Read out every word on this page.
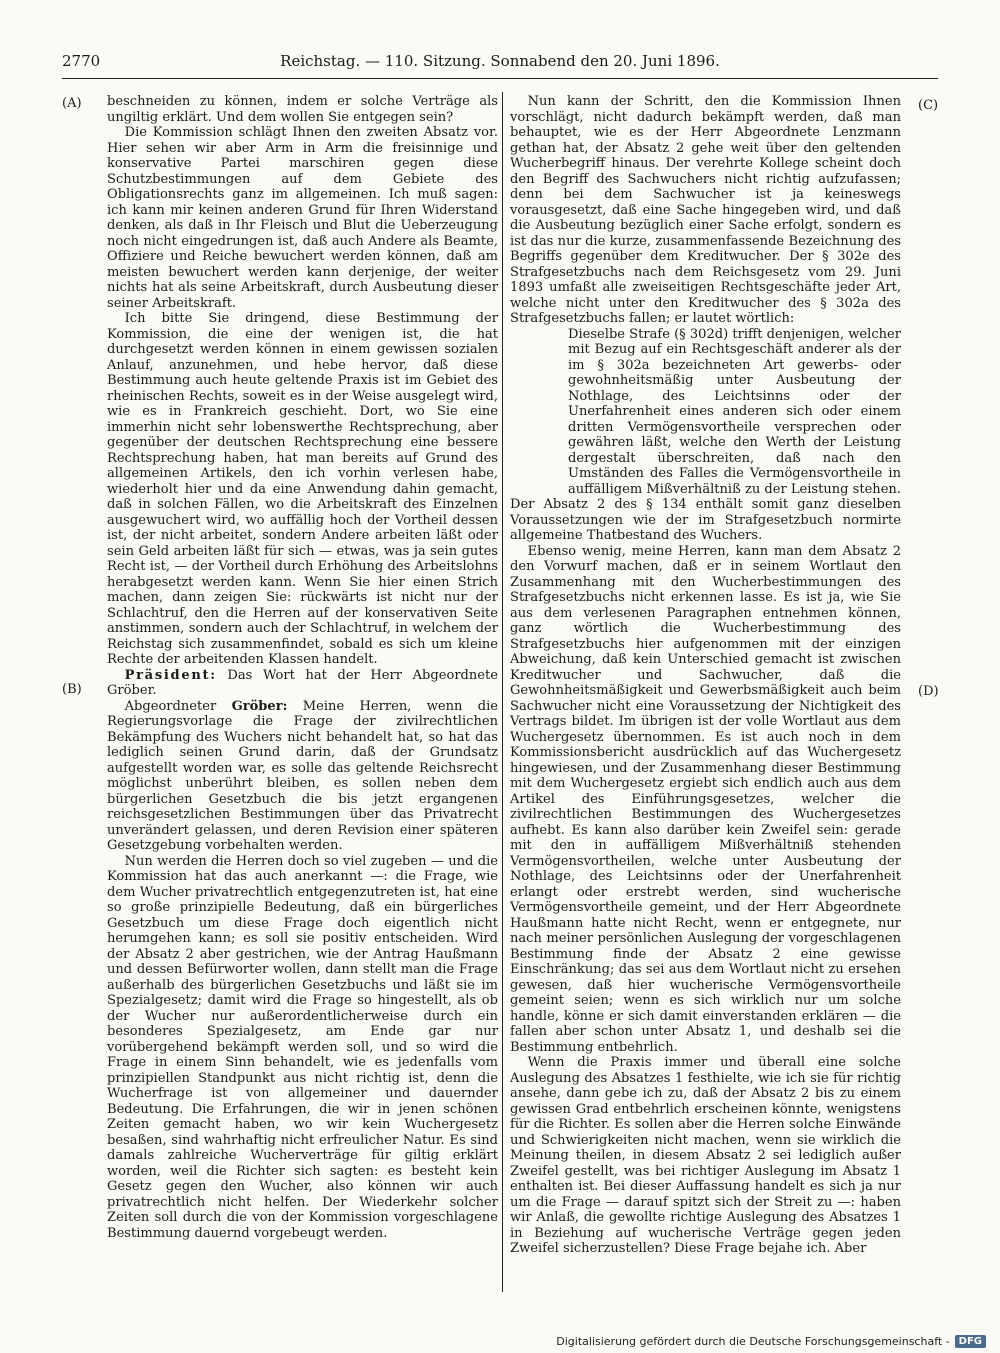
2770	Reichstag. — 110. Sitzung. Sonnabend den 20. Juni 1896.
(A)
(B)
(C)
(D)

beschneiden zu können, indem er solche Verträge als ungiltig erklärt. Und dem wollen Sie entgegen sein?

Die Kommission schlägt Ihnen den zweiten Absatz vor. Hier sehen wir aber Arm in Arm die freisinnige und konservative Partei marschiren gegen diese Schutzbestimmungen auf dem Gebiete des Obligationsrechts ganz im allgemeinen. Ich muß sagen: ich kann mir keinen anderen Grund für Ihren Widerstand denken, als daß in Ihr Fleisch und Blut die Ueberzeugung noch nicht eingedrungen ist, daß auch Andere als Beamte, Offiziere und Reiche bewuchert werden können, daß am meisten bewuchert werden kann derjenige, der weiter nichts hat als seine Arbeitskraft, durch Ausbeutung dieser seiner Arbeitskraft.

Ich bitte Sie dringend, diese Bestimmung der Kommission, die eine der wenigen ist, die hat durchgesetzt werden können in einem gewissen sozialen Anlauf, anzunehmen, und hebe hervor, daß diese Bestimmung auch heute geltende Praxis ist im Gebiet des rheinischen Rechts, soweit es in der Weise ausgelegt wird, wie es in Frankreich geschieht. Dort, wo Sie eine immerhin nicht sehr lobenswerthe Rechtsprechung, aber gegenüber der deutschen Rechtsprechung eine bessere Rechtsprechung haben, hat man bereits auf Grund des allgemeinen Artikels, den ich vorhin verlesen habe, wiederholt hier und da eine Anwendung dahin gemacht, daß in solchen Fällen, wo die Arbeitskraft des Einzelnen ausgewuchert wird, wo auffällig hoch der Vortheil dessen ist, der nicht arbeitet, sondern Andere arbeiten läßt oder sein Geld arbeiten läßt für sich — etwas, was ja sein gutes Recht ist, — der Vortheil durch Erhöhung des Arbeitslohns herabgesetzt werden kann. Wenn Sie hier einen Strich machen, dann zeigen Sie: rückwärts ist nicht nur der Schlachtruf, den die Herren auf der konservativen Seite anstimmen, sondern auch der Schlachtruf, in welchem der Reichstag sich zusammenfindet, sobald es sich um kleine Rechte der arbeitenden Klassen handelt.

Präsident: Das Wort hat der Herr Abgeordnete Gröber.

Abgeordneter Gröber: Meine Herren, wenn die Regierungsvorlage die Frage der zivilrechtlichen Bekämpfung des Wuchers nicht behandelt hat, so hat das lediglich seinen Grund darin, daß der Grundsatz aufgestellt worden war, es solle das geltende Reichsrecht möglichst unberührt bleiben, es sollen neben dem bürgerlichen Gesetzbuch die bis jetzt ergangenen reichsgesetzlichen Bestimmungen über das Privatrecht unverändert gelassen, und deren Revision einer späteren Gesetzgebung vorbehalten werden.

Nun werden die Herren doch so viel zugeben — und die Kommission hat das auch anerkannt —: die Frage, wie dem Wucher privatrechtlich entgegenzutreten ist, hat eine so große prinzipielle Bedeutung, daß ein bürgerliches Gesetzbuch um diese Frage doch eigentlich nicht herumgehen kann; es soll sie positiv entscheiden. Wird der Absatz 2 aber gestrichen, wie der Antrag Haußmann und dessen Befürworter wollen, dann stellt man die Frage außerhalb des bürgerlichen Gesetzbuchs und läßt sie im Spezialgesetz; damit wird die Frage so hingestellt, als ob der Wucher nur außerordentlicherweise durch ein besonderes Spezialgesetz, am Ende gar nur vorübergehend bekämpft werden soll, und so wird die Frage in einem Sinn behandelt, wie es jedenfalls vom prinzipiellen Standpunkt aus nicht richtig ist, denn die Wucherfrage ist von allgemeiner und dauernder Bedeutung. Die Erfahrungen, die wir in jenen schönen Zeiten gemacht haben, wo wir kein Wuchergesetz besaßen, sind wahrhaftig nicht erfreulicher Natur. Es sind damals zahlreiche Wucherverträge für giltig erklärt worden, weil die Richter sich sagten: es besteht kein Gesetz gegen den Wucher, also können wir auch privatrechtlich nicht helfen. Der Wiederkehr solcher Zeiten soll durch die von der Kommission vorgeschlagene Bestimmung dauernd vorgebeugt werden.

Nun kann der Schritt, den die Kommission Ihnen vorschlägt, nicht dadurch bekämpft werden, daß man behauptet, wie es der Herr Abgeordnete Lenzmann gethan hat, der Absatz 2 gehe weit über den geltenden Wucherbegriff hinaus. Der verehrte Kollege scheint doch den Begriff des Sachwuchers nicht richtig aufzufassen; denn bei dem Sachwucher ist ja keineswegs vorausgesetzt, daß eine Sache hingegeben wird, und daß die Ausbeutung bezüglich einer Sache erfolgt, sondern es ist das nur die kurze, zusammenfassende Bezeichnung des Begriffs gegenüber dem Kreditwucher. Der § 302e des Strafgesetzbuchs nach dem Reichsgesetz vom 29. Juni 1893 umfaßt alle zweiseitigen Rechtsgeschäfte jeder Art, welche nicht unter den Kreditwucher des § 302a des Strafgesetzbuchs fallen; er lautet wörtlich:

Dieselbe Strafe (§ 302d) trifft denjenigen, welcher mit Bezug auf ein Rechtsgeschäft anderer als der im § 302a bezeichneten Art gewerbs- oder gewohnheitsmäßig unter Ausbeutung der Nothlage, des Leichtsinns oder der Unerfahrenheit eines anderen sich oder einem dritten Vermögensvortheile versprechen oder gewähren läßt, welche den Werth der Leistung dergestalt überschreiten, daß nach den Umständen des Falles die Vermögensvortheile in auffälligem Mißverhältniß zu der Leistung stehen.

Der Absatz 2 des § 134 enthält somit ganz dieselben Voraussetzungen wie der im Strafgesetzbuch normirte allgemeine Thatbestand des Wuchers.

Ebenso wenig, meine Herren, kann man dem Absatz 2 den Vorwurf machen, daß er in seinem Wortlaut den Zusammenhang mit den Wucherbestimmungen des Strafgesetzbuchs nicht erkennen lasse. Es ist ja, wie Sie aus dem verlesenen Paragraphen entnehmen können, ganz wörtlich die Wucherbestimmung des Strafgesetzbuchs hier aufgenommen mit der einzigen Abweichung, daß kein Unterschied gemacht ist zwischen Kreditwucher und Sachwucher, daß die Gewohnheitsmäßigkeit und Gewerbsmäßigkeit auch beim Sachwucher nicht eine Voraussetzung der Nichtigkeit des Vertrags bildet. Im übrigen ist der volle Wortlaut aus dem Wuchergesetz übernommen. Es ist auch noch in dem Kommissionsbericht ausdrücklich auf das Wuchergesetz hingewiesen, und der Zusammenhang dieser Bestimmung mit dem Wuchergesetz ergiebt sich endlich auch aus dem Artikel des Einführungsgesetzes, welcher die zivilrechtlichen Bestimmungen des Wuchergesetzes aufhebt. Es kann also darüber kein Zweifel sein: gerade mit den in auffälligem Mißverhältniß stehenden Vermögensvortheilen, welche unter Ausbeutung der Nothlage, des Leichtsinns oder der Unerfahrenheit erlangt oder erstrebt werden, sind wucherische Vermögensvortheile gemeint, und der Herr Abgeordnete Haußmann hatte nicht Recht, wenn er entgegnete, nur nach meiner persönlichen Auslegung der vorgeschlagenen Bestimmung finde der Absatz 2 eine gewisse Einschränkung; das sei aus dem Wortlaut nicht zu ersehen gewesen, daß hier wucherische Vermögensvortheile gemeint seien; wenn es sich wirklich nur um solche handle, könne er sich damit einverstanden erklären — die fallen aber schon unter Absatz 1, und deshalb sei die Bestimmung entbehrlich.

Wenn die Praxis immer und überall eine solche Auslegung des Absatzes 1 festhielte, wie ich sie für richtig ansehe, dann gebe ich zu, daß der Absatz 2 bis zu einem gewissen Grad entbehrlich erscheinen könnte, wenigstens für die Richter. Es sollen aber die Herren solche Einwände und Schwierigkeiten nicht machen, wenn sie wirklich die Meinung theilen, in diesem Absatz 2 sei lediglich außer Zweifel gestellt, was bei richtiger Auslegung im Absatz 1 enthalten ist. Bei dieser Auffassung handelt es sich ja nur um die Frage — darauf spitzt sich der Streit zu —: haben wir Anlaß, die gewollte richtige Auslegung des Absatzes 1 in Beziehung auf wucherische Verträge gegen jeden Zweifel sicherzustellen? Diese Frage bejahe ich. Aber

Digitalisierung gefördert durch die Deutsche Forschungsgemeinschaft - DFG
